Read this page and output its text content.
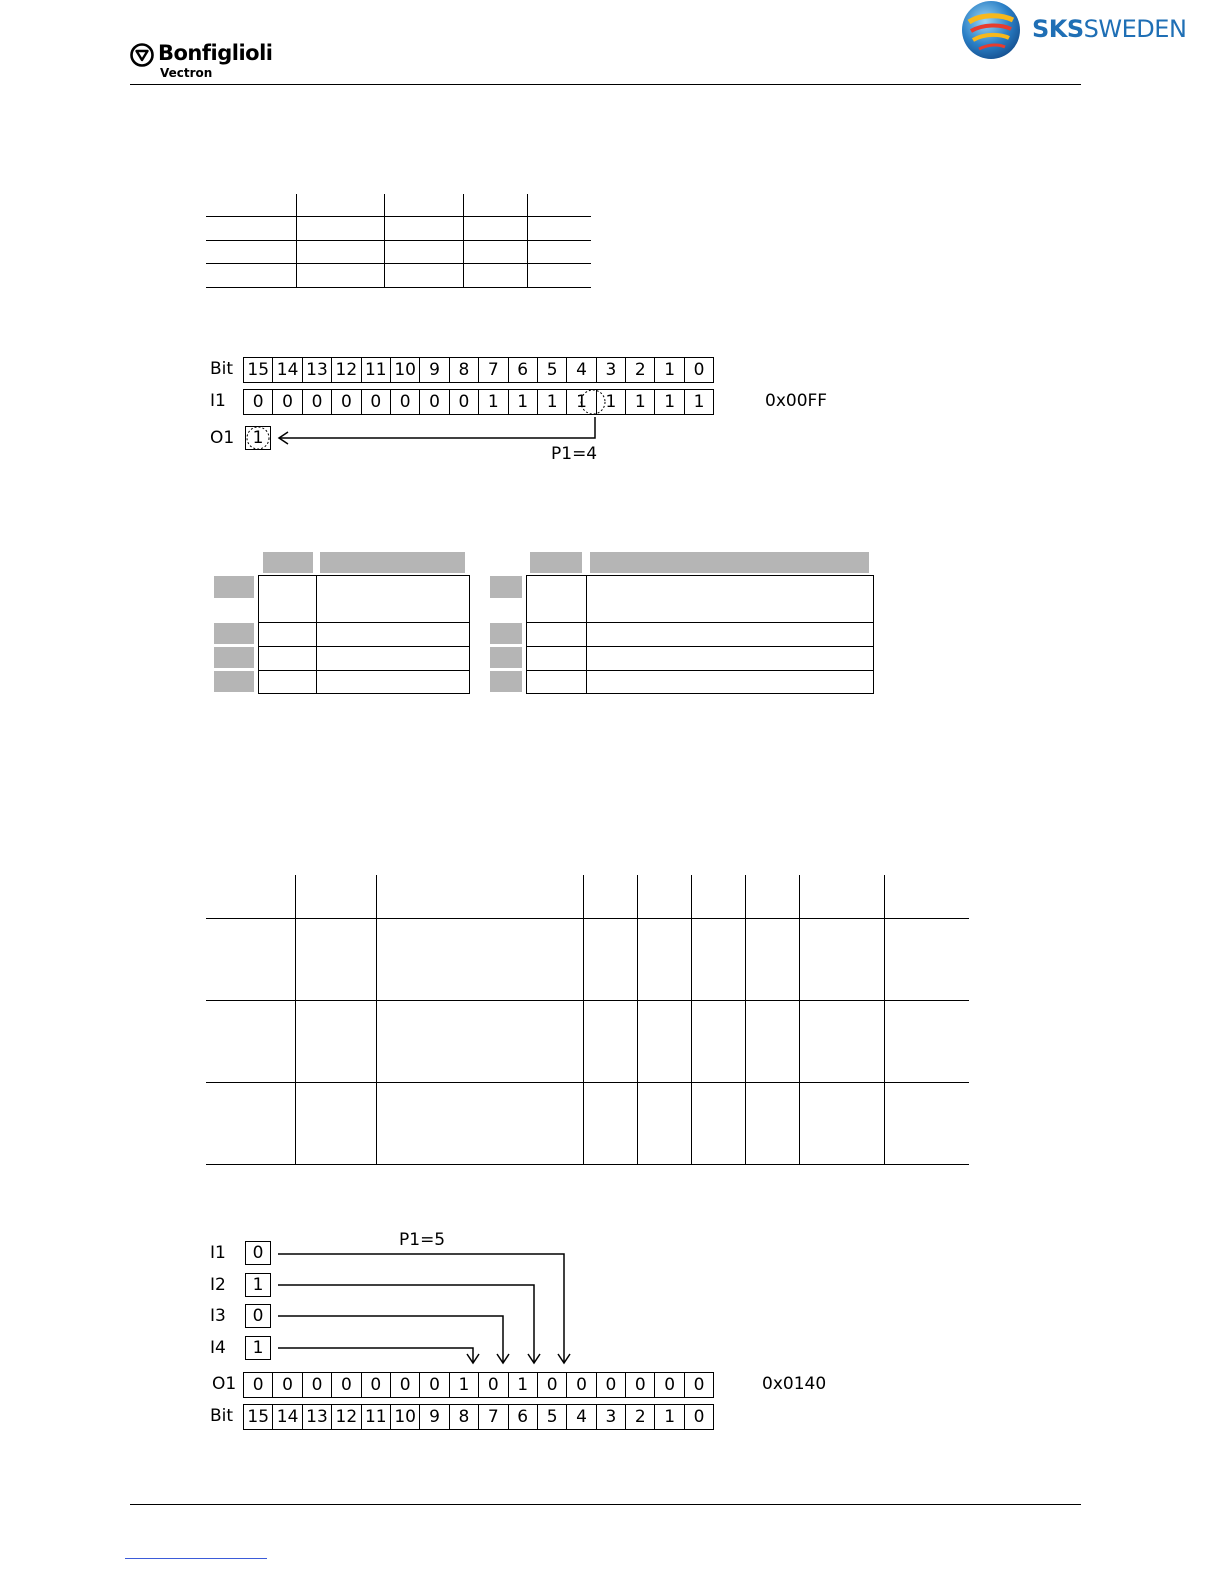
Bonfiglioli
Vectron
SKSSWEDEN
Bit 15 14 13 12 11 10 9	8	7	6	5	4	3	2	1	0
I1	0	0	0	0	0	0	0	0	1	1	1	1	1	1	1	1	0x00FF
O1	1
P1=4
I1	0
I2	1
I3	0
I4	1
P1=5
O1 0	0	0	0	0	0	0	1	0	1	0	0	0	0	0	0	0x0140
Bit 15 14 13 12 11 10 9	8	7	6	5	4	3	2	1	0
